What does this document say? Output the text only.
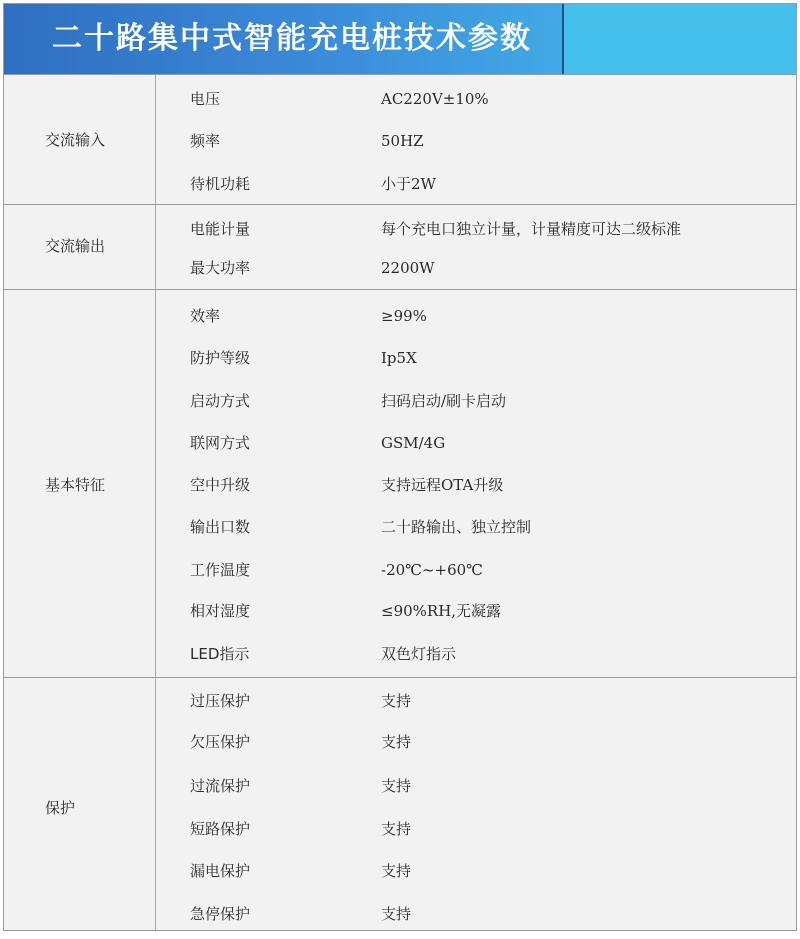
二十路集中式智能充电桩技术参数
交流输入
电压	AC220V±10%
频率	50HZ
待机功耗	小于2W
交流输出
电能计量	每个充电口独立计量，计量精度可达二级标准
最大功率	2200W
基本特征
效率	≥99%
防护等级	Ip5X
启动方式	扫码启动/刷卡启动
联网方式	GSM/4G
空中升级	支持远程OTA升级
输出口数	二十路输出、独立控制
工作温度	-20℃~+60℃
相对湿度	≤90%RH,无凝露
LED指示	双色灯指示
保护
过压保护	支持
欠压保护	支持
过流保护	支持
短路保护	支持
漏电保护	支持
急停保护	支持
